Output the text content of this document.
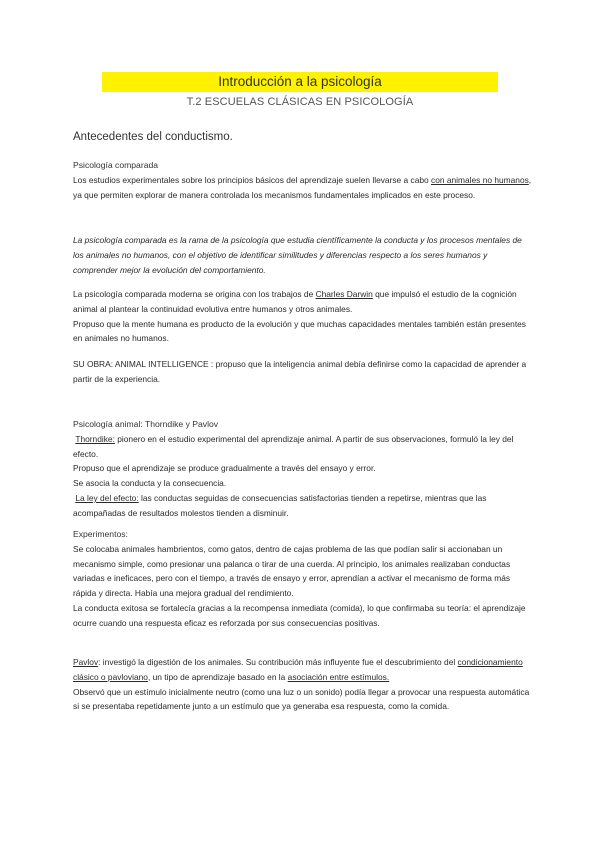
Introducción a la psicología
T.2 ESCUELAS CLÁSICAS EN PSICOLOGÍA
Antecedentes del conductismo.
Psicología comparada
Los estudios experimentales sobre los principios básicos del aprendizaje suelen llevarse a cabo con animales no humanos, ya que permiten explorar de manera controlada los mecanismos fundamentales implicados en este proceso.
La psicología comparada es la rama de la psicología que estudia científicamente la conducta y los procesos mentales de los animales no humanos, con el objetivo de identificar similitudes y diferencias respecto a los seres humanos y comprender mejor la evolución del comportamiento.
La psicología comparada moderna se origina con los trabajos de Charles Darwin que impulsó el estudio de la cognición animal al plantear la continuidad evolutiva entre humanos y otros animales.
Propuso que la mente humana es producto de la evolución y que muchas capacidades mentales también están presentes en animales no humanos.
SU OBRA: ANIMAL INTELLIGENCE : propuso que la inteligencia animal debía definirse como la capacidad de aprender a partir de la experiencia.
Psicología animal: Thorndike y Pavlov
Thorndike: pionero en el estudio experimental del aprendizaje animal. A partir de sus observaciones, formuló la ley del efecto.
Propuso que el aprendizaje se produce gradualmente a través del ensayo y error.
Se asocia la conducta y la consecuencia.
La ley del efecto: las conductas seguidas de consecuencias satisfactorias tienden a repetirse, mientras que las acompañadas de resultados molestos tienden a disminuir.
Experimentos:
Se colocaba animales hambrientos, como gatos, dentro de cajas problema de las que podían salir si accionaban un mecanismo simple, como presionar una palanca o tirar de una cuerda. Al principio, los animales realizaban conductas variadas e ineficaces, pero con el tiempo, a través de ensayo y error, aprendían a activar el mecanismo de forma más rápida y directa. Había una mejora gradual del rendimiento.
La conducta exitosa se fortalecía gracias a la recompensa inmediata (comida), lo que confirmaba su teoría: el aprendizaje ocurre cuando una respuesta eficaz es reforzada por sus consecuencias positivas.
Pavlov: investigó la digestión de los animales. Su contribución más influyente fue el descubrimiento del condicionamiento clásico o pavloviano, un tipo de aprendizaje basado en la asociación entre estímulos.
Observó que un estímulo inicialmente neutro (como una luz o un sonido) podía llegar a provocar una respuesta automática si se presentaba repetidamente junto a un estímulo que ya generaba esa respuesta, como la comida.
